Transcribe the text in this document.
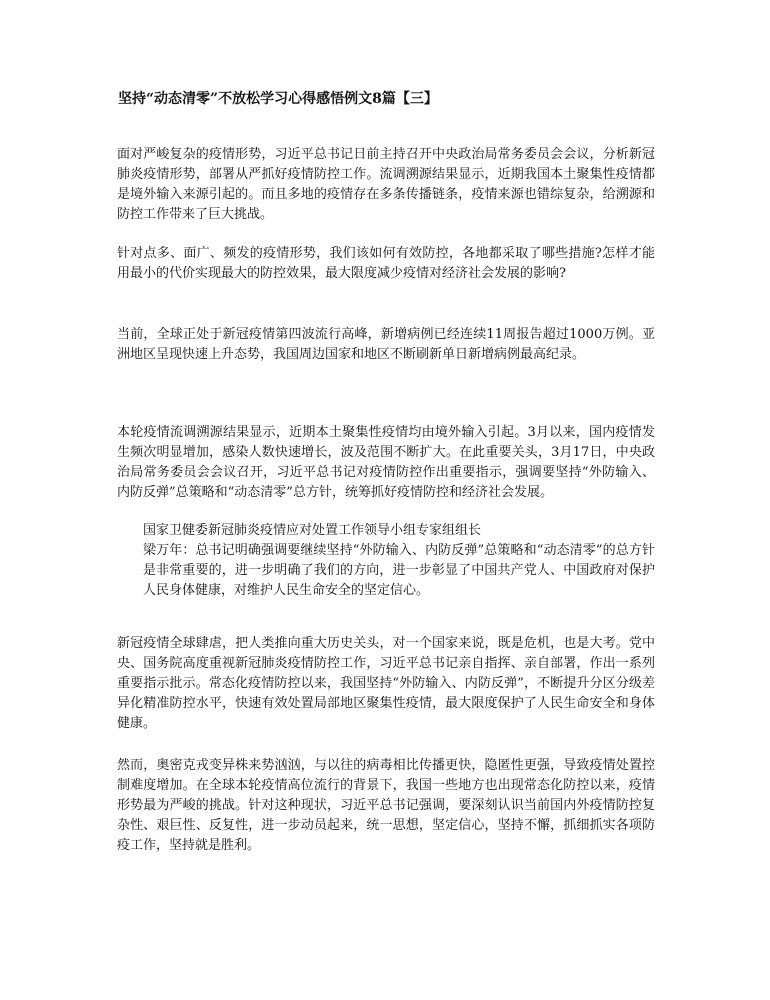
坚持“动态清零”不放松学习心得感悟例文8篇【三】

面对严峻复杂的疫情形势，习近平总书记日前主持召开中央政治局常务委员会会议，分析新冠肺炎疫情形势，部署从严抓好疫情防控工作。流调溯源结果显示，近期我国本土聚集性疫情都是境外输入来源引起的。而且多地的疫情存在多条传播链条，疫情来源也错综复杂，给溯源和防控工作带来了巨大挑战。

针对点多、面广、频发的疫情形势，我们该如何有效防控，各地都采取了哪些措施?怎样才能用最小的代价实现最大的防控效果，最大限度减少疫情对经济社会发展的影响?

当前，全球正处于新冠疫情第四波流行高峰，新增病例已经连续11周报告超过1000万例。亚洲地区呈现快速上升态势，我国周边国家和地区不断刷新单日新增病例最高纪录。

本轮疫情流调溯源结果显示，近期本土聚集性疫情均由境外输入引起。3月以来，国内疫情发生频次明显增加，感染人数快速增长，波及范围不断扩大。在此重要关头，3月17日，中央政治局常务委员会会议召开，习近平总书记对疫情防控作出重要指示，强调要坚持“外防输入、内防反弹”总策略和“动态清零”总方针，统筹抓好疫情防控和经济社会发展。

国家卫健委新冠肺炎疫情应对处置工作领导小组专家组组长
梁万年：总书记明确强调要继续坚持“外防输入、内防反弹”总策略和“动态清零”的总方针是非常重要的，进一步明确了我们的方向，进一步彰显了中国共产党人、中国政府对保护人民身体健康，对维护人民生命安全的坚定信心。

新冠疫情全球肆虐，把人类推向重大历史关头，对一个国家来说，既是危机，也是大考。党中央、国务院高度重视新冠肺炎疫情防控工作，习近平总书记亲自指挥、亲自部署，作出一系列重要指示批示。常态化疫情防控以来，我国坚持“外防输入、内防反弹”，不断提升分区分级差异化精准防控水平，快速有效处置局部地区聚集性疫情，最大限度保护了人民生命安全和身体健康。

然而，奥密克戎变异株来势汹汹，与以往的病毒相比传播更快，隐匿性更强，导致疫情处置控制难度增加。在全球本轮疫情高位流行的背景下，我国一些地方也出现常态化防控以来，疫情形势最为严峻的挑战。针对这种现状，习近平总书记强调，要深刻认识当前国内外疫情防控复杂性、艰巨性、反复性，进一步动员起来，统一思想，坚定信心，坚持不懈，抓细抓实各项防疫工作，坚持就是胜利。
